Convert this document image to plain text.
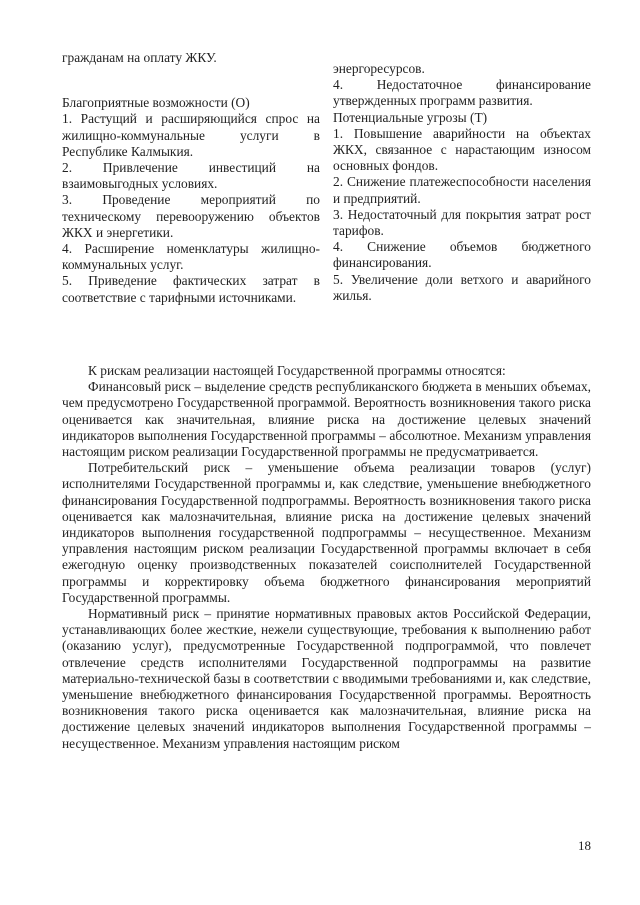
гражданам на оплату ЖКУ.

Благоприятные возможности (О)

1. Растущий и расширяющийся спрос на жилищно-коммунальные услуги в Республике Калмыкия.

2. Привлечение инвестиций на взаимовыгодных условиях.

3. Проведение мероприятий по техническому перевооружению объектов ЖКХ и энергетики.

4. Расширение номенклатуры жилищно-коммунальных услуг.

5. Приведение фактических затрат в соответствие с тарифными источниками.

энергоресурсов.

4. Недостаточное финансирование утвержденных программ развития.

Потенциальные угрозы (Т)

1. Повышение аварийности на объектах ЖКХ, связанное с нарастающим износом основных фондов.

2. Снижение платежеспособности населения и предприятий.

3. Недостаточный для покрытия затрат рост тарифов.

4. Снижение объемов бюджетного финансирования.

5. Увеличение доли ветхого и аварийного жилья.

К рискам реализации настоящей Государственной программы относятся:

Финансовый риск – выделение средств республиканского бюджета в меньших объемах, чем предусмотрено Государственной программой. Вероятность возникновения такого риска оценивается как значительная, влияние риска на достижение целевых значений индикаторов выполнения Государственной программы – абсолютное. Механизм управления настоящим риском реализации Государственной программы не предусматривается.

Потребительский риск – уменьшение объема реализации товаров (услуг) исполнителями Государственной программы и, как следствие, уменьшение внебюджетного финансирования Государственной подпрограммы. Вероятность возникновения такого риска оценивается как малозначительная, влияние риска на достижение целевых значений индикаторов выполнения государственной подпрограммы – несущественное. Механизм управления настоящим риском реализации Государственной программы включает в себя ежегодную оценку производственных показателей соисполнителей Государственной программы и корректировку объема бюджетного финансирования мероприятий Государственной программы.

Нормативный риск – принятие нормативных правовых актов Российской Федерации, устанавливающих более жесткие, нежели существующие, требования к выполнению работ (оказанию услуг), предусмотренные Государственной подпрограммой, что повлечет отвлечение средств исполнителями Государственной подпрограммы на развитие материально-технической базы в соответствии с вводимыми требованиями и, как следствие, уменьшение внебюджетного финансирования Государственной программы. Вероятность возникновения такого риска оценивается как малозначительная, влияние риска на достижение целевых значений индикаторов выполнения Государственной программы – несущественное. Механизм управления настоящим риском

18
